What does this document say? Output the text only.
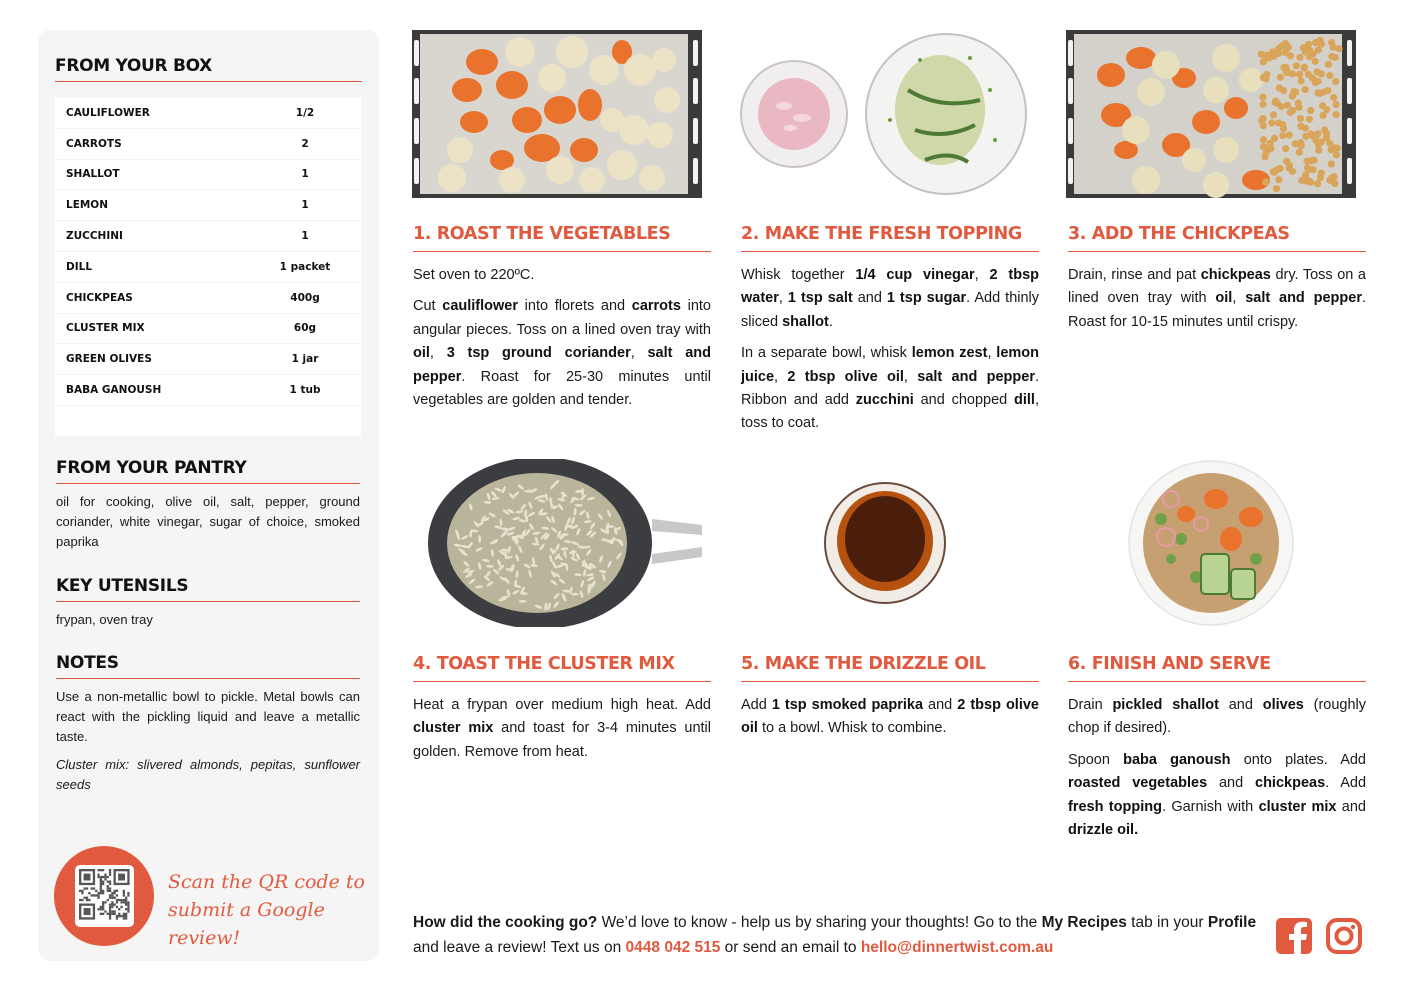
FROM YOUR BOX
CAULIFLOWER	1/2
CARROTS	2
SHALLOT	1
LEMON	1
ZUCCHINI	1
DILL	1 packet
CHICKPEAS	400g
CLUSTER MIX	60g
GREEN OLIVES	1 jar
BABA GANOUSH	1 tub
FROM YOUR PANTRY
oil for cooking, olive oil, salt, pepper, ground coriander, white vinegar, sugar of choice, smoked paprika
KEY UTENSILS
frypan, oven tray
NOTES
Use a non-metallic bowl to pickle. Metal bowls can react with the pickling liquid and leave a metallic taste.
Cluster mix: slivered almonds, pepitas, sunflower seeds
Scan the QR code to
submit a Google review!
1. ROAST THE VEGETABLES

Set oven to 220ºC.

Cut cauliflower into florets and carrots into angular pieces. Toss on a lined oven tray with oil, 3 tsp ground coriander, salt and pepper. Roast for 25-30 minutes until vegetables are golden and tender.

2. MAKE THE FRESH TOPPING

Whisk together 1/4 cup vinegar, 2 tbsp water, 1 tsp salt and 1 tsp sugar. Add thinly sliced shallot.

In a separate bowl, whisk lemon zest, lemon juice, 2 tbsp olive oil, salt and pepper. Ribbon and add zucchini and chopped dill, toss to coat.

3. ADD THE CHICKPEAS

Drain, rinse and pat chickpeas dry. Toss on a lined oven tray with oil, salt and pepper. Roast for 10-15 minutes until crispy.

4. TOAST THE CLUSTER MIX

Heat a frypan over medium high heat. Add cluster mix and toast for 3-4 minutes until golden. Remove from heat.

5. MAKE THE DRIZZLE OIL

Add 1 tsp smoked paprika and 2 tbsp olive oil to a bowl. Whisk to combine.

6. FINISH AND SERVE

Drain pickled shallot and olives (roughly chop if desired).

Spoon baba ganoush onto plates. Add roasted vegetables and chickpeas. Add fresh topping. Garnish with cluster mix and drizzle oil.

How did the cooking go? We’d love to know - help us by sharing your thoughts! Go to the My Recipes tab in your Profile and leave a review! Text us on 0448 042 515 or send an email to hello@dinnertwist.com.au
